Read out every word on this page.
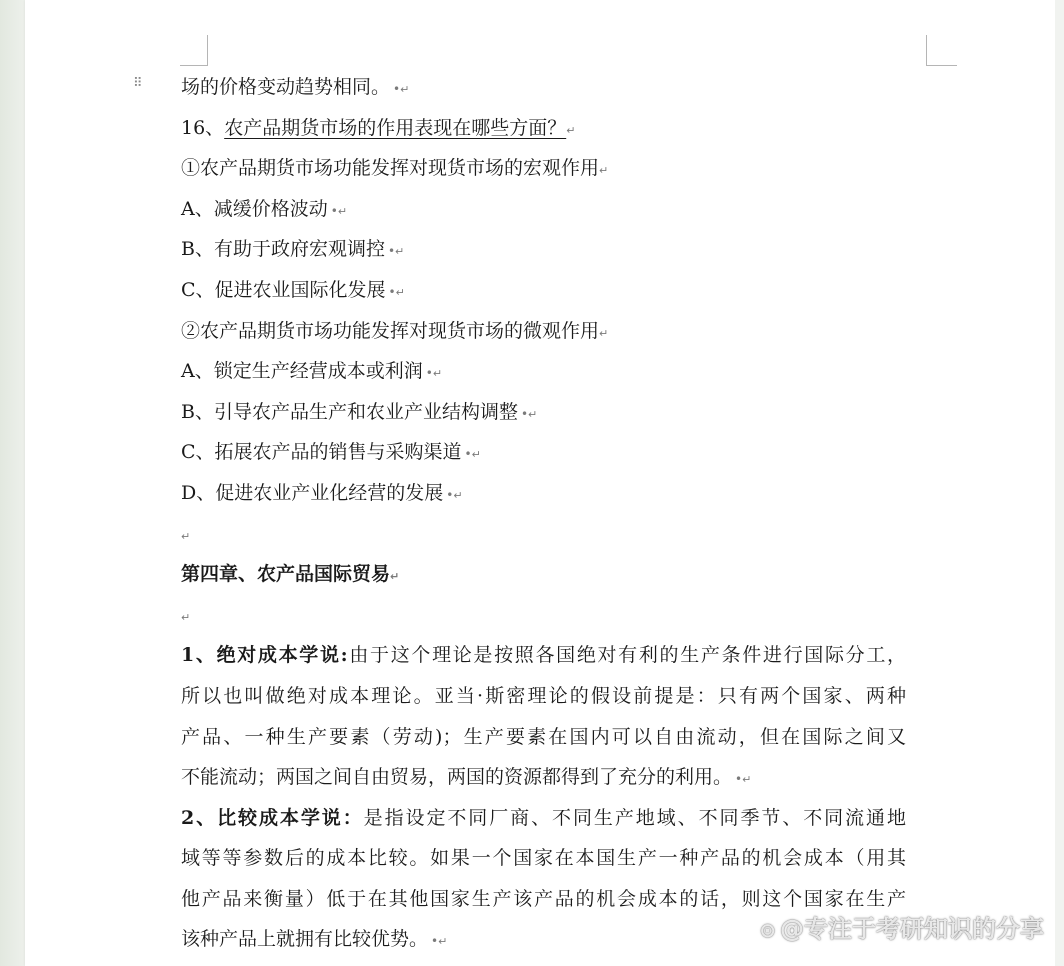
⠿ 场的价格变动趋势相同。 •↵
16、农产品期货市场的作用表现在哪些方面？↵
①农产品期货市场功能发挥对现货市场的宏观作用↵
A、减缓价格波动 •↵
B、有助于政府宏观调控 •↵
C、促进农业国际化发展 •↵
②农产品期货市场功能发挥对现货市场的微观作用↵
A、锁定生产经营成本或利润 •↵
B、引导农产品生产和农业产业结构调整 •↵
C、拓展农产品的销售与采购渠道 •↵
D、促进农业产业化经营的发展 •↵
↵
第四章、农产品国际贸易↵
↵
1、绝对成本学说:由于这个理论是按照各国绝对有利的生产条件进行国际分工，
所以也叫做绝对成本理论。亚当·斯密理论的假设前提是：只有两个国家、两种
产品、一种生产要素（劳动)；生产要素在国内可以自由流动，但在国际之间又
不能流动；两国之间自由贸易，两国的资源都得到了充分的利用。 •↵
2、比较成本学说：是指设定不同厂商、不同生产地域、不同季节、不同流通地
域等等参数后的成本比较。如果一个国家在本国生产一种产品的机会成本（用其
他产品来衡量）低于在其他国家生产该产品的机会成本的话，则这个国家在生产
该种产品上就拥有比较优势。 •↵	⊙ @专注于考研知识的分享
